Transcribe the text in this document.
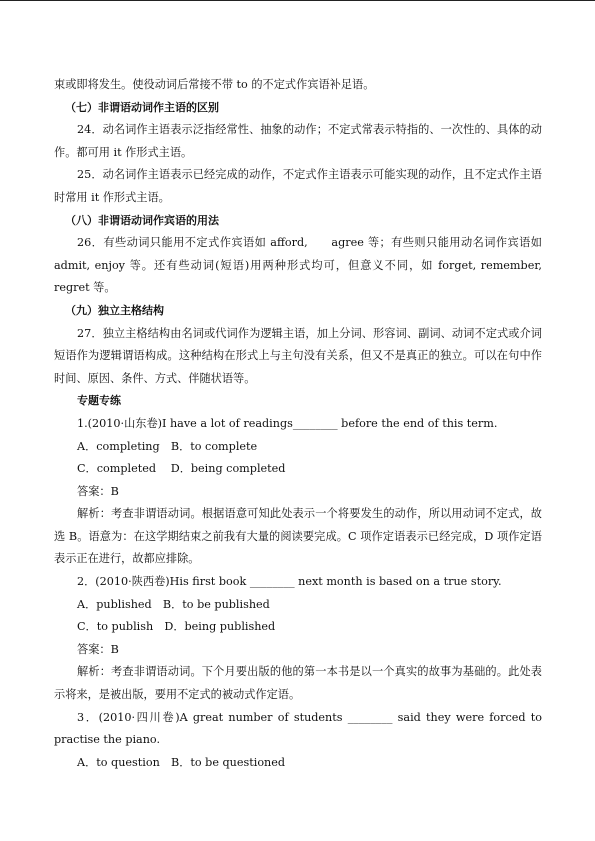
束或即将发生。使役动词后常接不带 to 的不定式作宾语补足语。

（七）非谓语动词作主语的区别

24．动名词作主语表示泛指经常性、抽象的动作；不定式常表示特指的、一次性的、具体的动作。都可用 it 作形式主语。

25．动名词作主语表示已经完成的动作，不定式作主语表示可能实现的动作，且不定式作主语时常用 it 作形式主语。

（八）非谓语动词作宾语的用法

26．有些动词只能用不定式作宾语如 afford,　　agree 等；有些则只能用动名词作宾语如 admit, enjoy 等。还有些动词(短语)用两种形式均可，但意义不同，如 forget, remember, regret 等。

（九）独立主格结构

27．独立主格结构由名词或代词作为逻辑主语，加上分词、形容词、副词、动词不定式或介词短语作为逻辑谓语构成。这种结构在形式上与主句没有关系，但又不是真正的独立。可以在句中作时间、原因、条件、方式、伴随状语等。

专题专练

1.(2010·山东卷)I have a lot of readings________ before the end of this term.

A．completing　B．to complete

C．completed　 D．being completed

答案：B

解析：考查非谓语动词。根据语意可知此处表示一个将要发生的动作，所以用动词不定式，故选 B。语意为：在这学期结束之前我有大量的阅读要完成。C 项作定语表示已经完成，D 项作定语表示正在进行，故都应排除。

2．(2010·陕西卷)His first book ________ next month is based on a true story.

A．published　B．to be published

C．to publish　D．being published

答案：B

解析：考查非谓语动词。下个月要出版的他的第一本书是以一个真实的故事为基础的。此处表示将来，是被出版，要用不定式的被动式作定语。

3．(2010·四川卷)A great number of students ________ said they were forced to practise the piano.

A．to question　B．to be questioned
